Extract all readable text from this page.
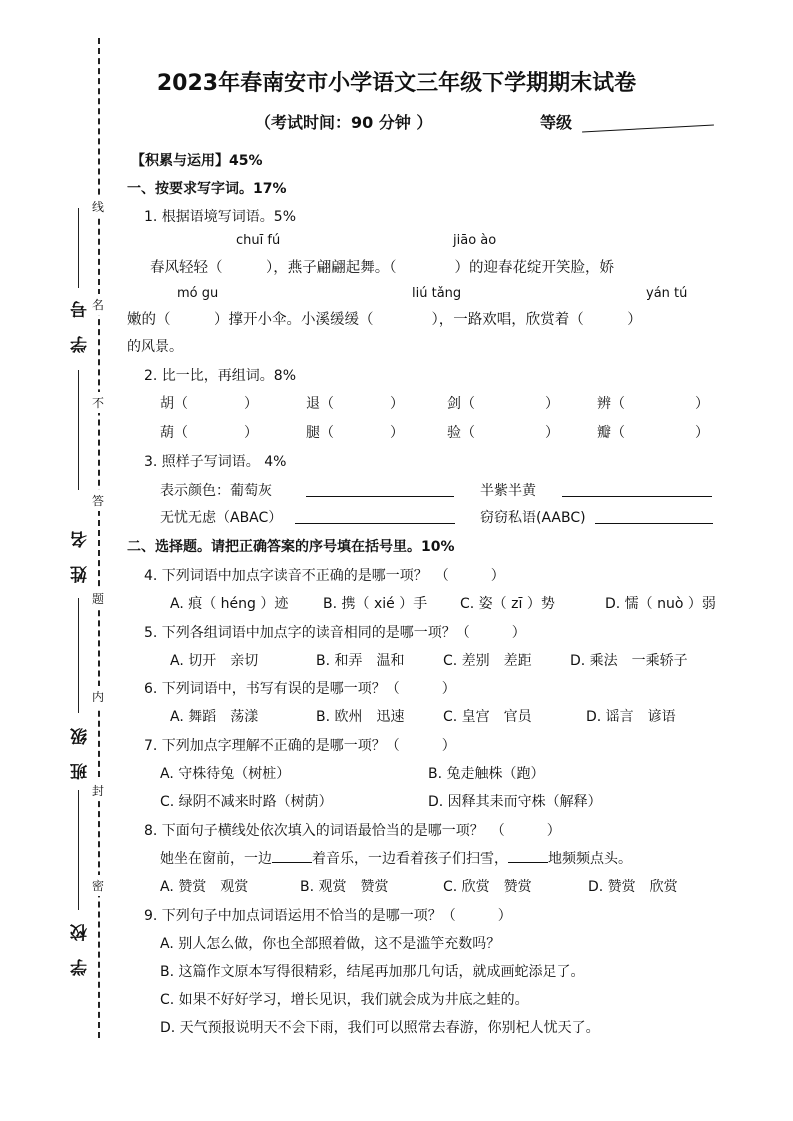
学 号
姓 名
班 级
学 校
线
名
不
答
题
内
封
密
2023年春南安市小学语文三年级下学期期末试卷
（考试时间：90 分钟 ）	等级
【积累与运用】45%
一、按要求写字词。17%
1. 根据语境写词语。5%
chuī fú	jiāo ào
春风轻轻（　　　），燕子翩翩起舞。（　　　　）的迎春花绽开笑脸，娇
mó gu	liú tǎng	yán tú
嫩的（　　　）撑开小伞。小溪缓缓（　　　　），一路欢唱，欣赏着（　　　）
的风景。
2. 比一比，再组词。8%
胡（　　　　）	退（　　　　）	剑（　　　　　）	辨（　　　　　）
葫（　　　　）	腿（　　　　）	验（　　　　　）	瓣（　　　　　）
3. 照样子写词语。 4%
表示颜色：葡萄灰	半紫半黄
无忧无虑（ABAC）	窃窃私语(AABC)
二、选择题。请把正确答案的序号填在括号里。10%
4. 下列词语中加点字读音不正确的是哪一项？　（　　　）
A. 痕（ héng ）迹 B. 携（ xié ）手 C. 姿（ zī ）势	D. 懦（ nuò ）弱
5. 下列各组词语中加点字的读音相同的是哪一项？（　　　）
A. 切开　亲切	B. 和弄　温和	C. 差别　差距	D. 乘法　一乘轿子
6. 下列词语中，书写有误的是哪一项？（　　　）
A. 舞蹈　荡漾	B. 欧州　迅速	C. 皇宫　官员	D. 谣言　谚语
7. 下列加点字理解不正确的是哪一项？（　　　）
A. 守株待兔（树桩）	B. 兔走触株（跑）
C. 绿阴不减来时路（树荫）	D. 因释其耒而守株（解释）
8. 下面句子横线处依次填入的词语最恰当的是哪一项？　（　　　）
她坐在窗前，一边	着音乐，一边看着孩子们扫雪，	地频频点头。
A. 赞赏　观赏	B. 观赏　赞赏	C. 欣赏　赞赏	D. 赞赏　欣赏
9. 下列句子中加点词语运用不恰当的是哪一项？（　　　）
A. 别人怎么做，你也全部照着做，这不是滥竽充数吗？
B. 这篇作文原本写得很精彩，结尾再加那几句话，就成画蛇添足了。
C. 如果不好好学习，增长见识，我们就会成为井底之蛙的。
D. 天气预报说明天不会下雨，我们可以照常去春游，你别杞人忧天了。
